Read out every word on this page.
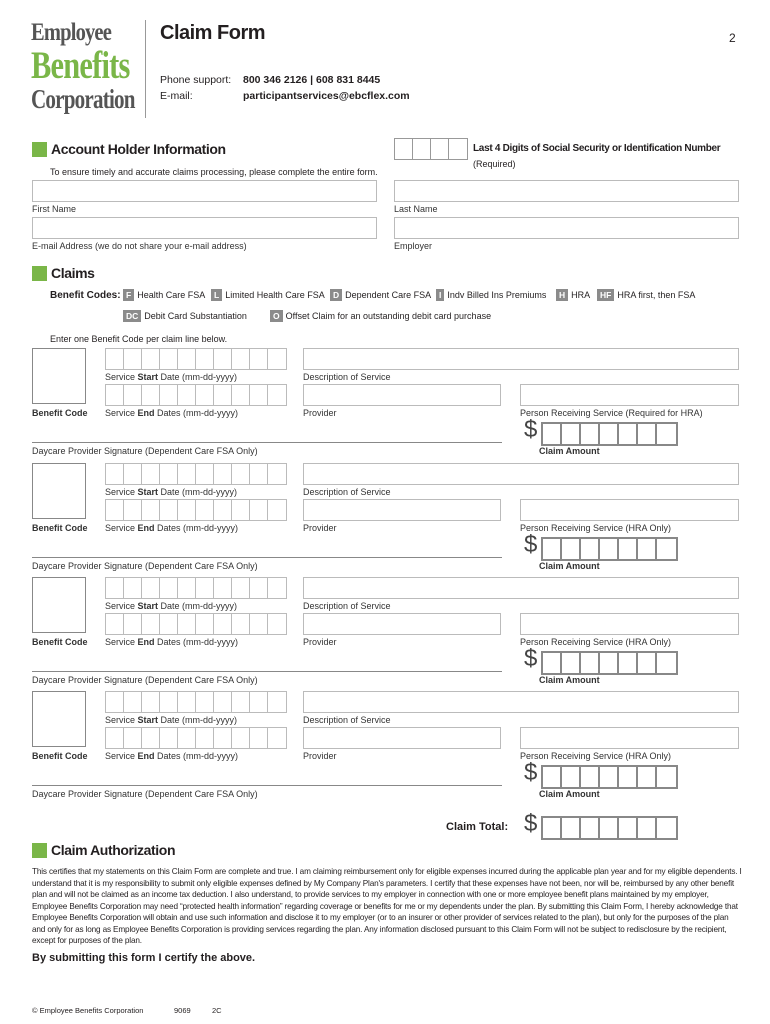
Employee
Benefits
Corporation
Claim Form	2
Phone support: 800 346 2126 | 608 831 8445
E-mail:	participantservices@ebcflex.com
Account Holder Information
To ensure timely and accurate claims processing, please complete the entire form.
Last 4 Digits of Social Security or Identification Number
(Required)
First Name	Last Name
E-mail Address (we do not share your e-mail address)	Employer
Claims
Benefit Codes: F Health Care FSA	L Limited Health Care FSA D Dependent Care FSA I Indv Billed Ins Premiums	H HRA	HF HRA first, then FSA
DC Debit Card Substantiation	O Offset Claim for an outstanding debit card purchase
Enter one Benefit Code per claim line below.
Benefit Code
Service Start Date (mm-dd-yyyy)
Service End Dates (mm-dd-yyyy)
Description of Service
Provider	Person Receiving Service (Required for HRA)
Daycare Provider Signature (Dependent Care FSA Only)
$
Claim Amount
Benefit Code
Service Start Date (mm-dd-yyyy)
Service End Dates (mm-dd-yyyy)
Description of Service
Provider	Person Receiving Service (HRA Only)
Daycare Provider Signature (Dependent Care FSA Only)
$
Claim Amount
Benefit Code
Service Start Date (mm-dd-yyyy)
Service End Dates (mm-dd-yyyy)
Description of Service
Provider	Person Receiving Service (HRA Only)
Daycare Provider Signature (Dependent Care FSA Only)
$
Claim Amount
Benefit Code
Service Start Date (mm-dd-yyyy)
Service End Dates (mm-dd-yyyy)
Description of Service
Provider	Person Receiving Service (HRA Only)
Daycare Provider Signature (Dependent Care FSA Only)
$
Claim Amount
Claim Total: $
Claim Authorization
This certifies that my statements on this Claim Form are complete and true. I am claiming reimbursement only for eligible expenses incurred during the applicable plan year and for my eligible dependents. I understand that it is my responsibility to submit only eligible expenses defined by My Company Plan's parameters. I certify that these expenses have not been, nor will be, reimbursed by any other benefit plan and will not be claimed as an income tax deduction. I also understand, to provide services to my employer in connection with one or more employee benefit plans maintained by my employer, Employee Benefits Corporation may need “protected health information” regarding coverage or benefits for me or my dependents under the plan. By submitting this Claim Form, I hereby acknowledge that Employee Benefits Corporation will obtain and use such information and disclose it to my employer (or to an insurer or other provider of services related to the plan), but only for the purposes of the plan and only for as long as Employee Benefits Corporation is providing services regarding the plan. Any information disclosed pursuant to this Claim Form will not be subject to redisclosure by the recipient, except for purposes of the plan.
By submitting this form I certify the above.
© Employee Benefits Corporation	9069	2C
